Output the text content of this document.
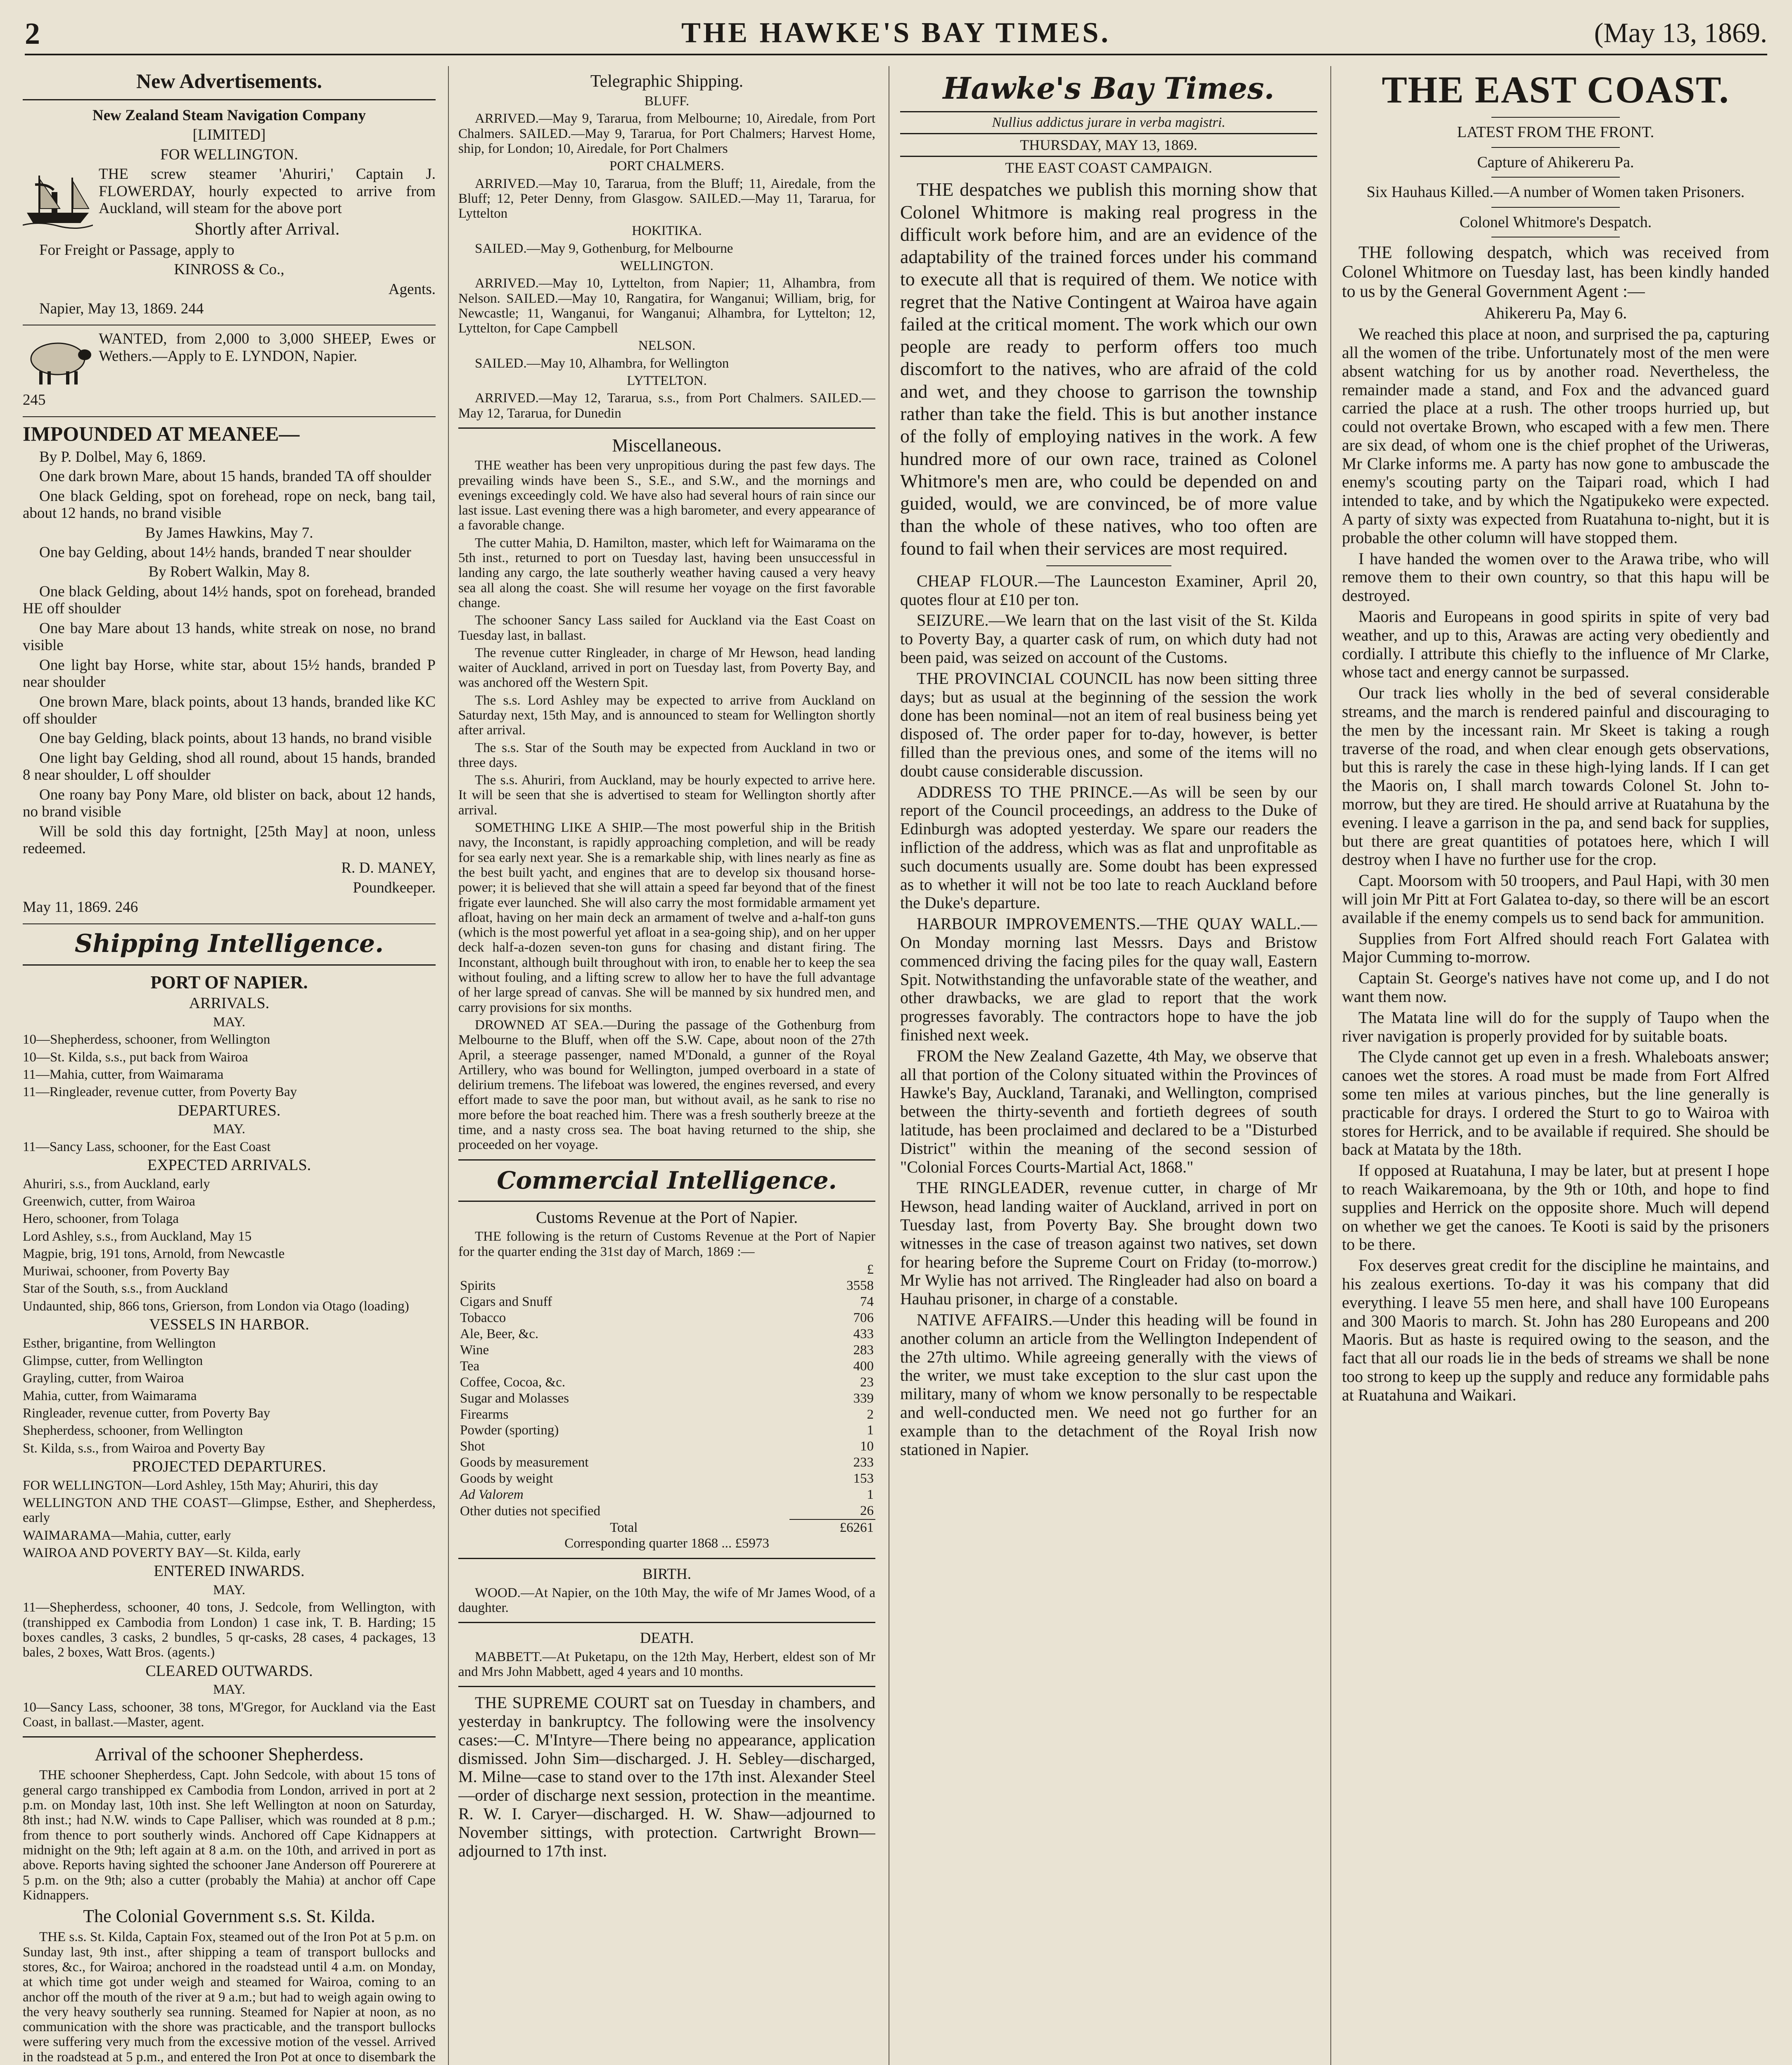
2	THE HAWKE'S BAY TIMES.	(May 13, 1869.
New Advertisements.

New Zealand Steam Navigation Company

[LIMITED]

FOR WELLINGTON.

THE screw steamer 'Ahuriri,' Captain J. FLOWERDAY, hourly expected to arrive from Auckland, will steam for the above port

Shortly after Arrival.

For Freight or Passage, apply to

KINROSS & Co.,

Agents.

Napier, May 13, 1869. 244

WANTED, from 2,000 to 3,000 SHEEP, Ewes or Wethers.—Apply to E. LYNDON, Napier.

245

IMPOUNDED AT MEANEE—

By P. Dolbel, May 6, 1869.

One dark brown Mare, about 15 hands, branded TA off shoulder

One black Gelding, spot on forehead, rope on neck, bang tail, about 12 hands, no brand visible

By James Hawkins, May 7.

One bay Gelding, about 14½ hands, branded T near shoulder

By Robert Walkin, May 8.

One black Gelding, about 14½ hands, spot on forehead, branded HE off shoulder

One bay Mare about 13 hands, white streak on nose, no brand visible

One light bay Horse, white star, about 15½ hands, branded P near shoulder

One brown Mare, black points, about 13 hands, branded like KC off shoulder

One bay Gelding, black points, about 13 hands, no brand visible

One light bay Gelding, shod all round, about 15 hands, branded 8 near shoulder, L off shoulder

One roany bay Pony Mare, old blister on back, about 12 hands, no brand visible

Will be sold this day fortnight, [25th May] at noon, unless redeemed.

R. D. MANEY,

Poundkeeper.

May 11, 1869. 246

Shipping Intelligence.
PORT OF NAPIER.

ARRIVALS.

MAY.

10—Shepherdess, schooner, from Wellington

10—St. Kilda, s.s., put back from Wairoa

11—Mahia, cutter, from Waimarama

11—Ringleader, revenue cutter, from Poverty Bay

DEPARTURES.

MAY.

11—Sancy Lass, schooner, for the East Coast

EXPECTED ARRIVALS.

Ahuriri, s.s., from Auckland, early

Greenwich, cutter, from Wairoa

Hero, schooner, from Tolaga

Lord Ashley, s.s., from Auckland, May 15

Magpie, brig, 191 tons, Arnold, from Newcastle

Muriwai, schooner, from Poverty Bay

Star of the South, s.s., from Auckland

Undaunted, ship, 866 tons, Grierson, from London via Otago (loading)

VESSELS IN HARBOR.

Esther, brigantine, from Wellington

Glimpse, cutter, from Wellington

Grayling, cutter, from Wairoa

Mahia, cutter, from Waimarama

Ringleader, revenue cutter, from Poverty Bay

Shepherdess, schooner, from Wellington

St. Kilda, s.s., from Wairoa and Poverty Bay

PROJECTED DEPARTURES.

FOR WELLINGTON—Lord Ashley, 15th May; Ahuriri, this day

WELLINGTON AND THE COAST—Glimpse, Esther, and Shepherdess, early

WAIMARAMA—Mahia, cutter, early

WAIROA AND POVERTY BAY—St. Kilda, early

ENTERED INWARDS.

MAY.

11—Shepherdess, schooner, 40 tons, J. Sedcole, from Wellington, with (transhipped ex Cambodia from London) 1 case ink, T. B. Harding; 15 boxes candles, 3 casks, 2 bundles, 5 qr-casks, 28 cases, 4 packages, 13 bales, 2 boxes, Watt Bros. (agents.)

CLEARED OUTWARDS.

MAY.

10—Sancy Lass, schooner, 38 tons, M'Gregor, for Auckland via the East Coast, in ballast.—Master, agent.

Arrival of the schooner Shepherdess.

THE schooner Shepherdess, Capt. John Sedcole, with about 15 tons of general cargo transhipped ex Cambodia from London, arrived in port at 2 p.m. on Monday last, 10th inst. She left Wellington at noon on Saturday, 8th inst.; had N.W. winds to Cape Palliser, which was rounded at 8 p.m.; from thence to port southerly winds. Anchored off Cape Kidnappers at midnight on the 9th; left again at 8 a.m. on the 10th, and arrived in port as above. Reports having sighted the schooner Jane Anderson off Pourerere at 5 p.m. on the 9th; also a cutter (probably the Mahia) at anchor off Cape Kidnappers.

The Colonial Government s.s. St. Kilda.

THE s.s. St. Kilda, Captain Fox, steamed out of the Iron Pot at 5 p.m. on Sunday last, 9th inst., after shipping a team of transport bullocks and stores, &c., for Wairoa; anchored in the roadstead until 4 a.m. on Monday, at which time got under weigh and steamed for Wairoa, coming to an anchor off the mouth of the river at 9 a.m.; but had to weigh again owing to the very heavy southerly sea running. Steamed for Napier at noon, as no communication with the shore was practicable, and the transport bullocks were suffering very much from the excessive motion of the vessel. Arrived in the roadstead at 5 p.m., and entered the Iron Pot at once to disembark the

Telegraphic Shipping.

BLUFF.

ARRIVED.—May 9, Tararua, from Melbourne; 10, Airedale, from Port Chalmers. SAILED.—May 9, Tararua, for Port Chalmers; Harvest Home, ship, for London; 10, Airedale, for Port Chalmers

PORT CHALMERS.

ARRIVED.—May 10, Tararua, from the Bluff; 11, Airedale, from the Bluff; 12, Peter Denny, from Glasgow. SAILED.—May 11, Tararua, for Lyttelton

HOKITIKA.

SAILED.—May 9, Gothenburg, for Melbourne

WELLINGTON.

ARRIVED.—May 10, Lyttelton, from Napier; 11, Alhambra, from Nelson. SAILED.—May 10, Rangatira, for Wanganui; William, brig, for Newcastle; 11, Wanganui, for Wanganui; Alhambra, for Lyttelton; 12, Lyttelton, for Cape Campbell

NELSON.

SAILED.—May 10, Alhambra, for Wellington

LYTTELTON.

ARRIVED.—May 12, Tararua, s.s., from Port Chalmers. SAILED.—May 12, Tararua, for Dunedin

Miscellaneous.

THE weather has been very unpropitious during the past few days. The prevailing winds have been S., S.E., and S.W., and the mornings and evenings exceedingly cold. We have also had several hours of rain since our last issue. Last evening there was a high barometer, and every appearance of a favorable change.

The cutter Mahia, D. Hamilton, master, which left for Waimarama on the 5th inst., returned to port on Tuesday last, having been unsuccessful in landing any cargo, the late southerly weather having caused a very heavy sea all along the coast. She will resume her voyage on the first favorable change.

The schooner Sancy Lass sailed for Auckland via the East Coast on Tuesday last, in ballast.

The revenue cutter Ringleader, in charge of Mr Hewson, head landing waiter of Auckland, arrived in port on Tuesday last, from Poverty Bay, and was anchored off the Western Spit.

The s.s. Lord Ashley may be expected to arrive from Auckland on Saturday next, 15th May, and is announced to steam for Wellington shortly after arrival.

The s.s. Star of the South may be expected from Auckland in two or three days.

The s.s. Ahuriri, from Auckland, may be hourly expected to arrive here. It will be seen that she is advertised to steam for Wellington shortly after arrival.

SOMETHING LIKE A SHIP.—The most powerful ship in the British navy, the Inconstant, is rapidly approaching completion, and will be ready for sea early next year. She is a remarkable ship, with lines nearly as fine as the best built yacht, and engines that are to develop six thousand horse-power; it is believed that she will attain a speed far beyond that of the finest frigate ever launched. She will also carry the most formidable armament yet afloat, having on her main deck an armament of twelve and a-half-ton guns (which is the most powerful yet afloat in a sea-going ship), and on her upper deck half-a-dozen seven-ton guns for chasing and distant firing. The Inconstant, although built throughout with iron, to enable her to keep the sea without fouling, and a lifting screw to allow her to have the full advantage of her large spread of canvas. She will be manned by six hundred men, and carry provisions for six months.

DROWNED AT SEA.—During the passage of the Gothenburg from Melbourne to the Bluff, when off the S.W. Cape, about noon of the 27th April, a steerage passenger, named M'Donald, a gunner of the Royal Artillery, who was bound for Wellington, jumped overboard in a state of delirium tremens. The lifeboat was lowered, the engines reversed, and every effort made to save the poor man, but without avail, as he sank to rise no more before the boat reached him. There was a fresh southerly breeze at the time, and a nasty cross sea. The boat having returned to the ship, she proceeded on her voyage.

Commercial Intelligence.

Customs Revenue at the Port of Napier.

THE following is the return of Customs Revenue at the Port of Napier for the quarter ending the 31st day of March, 1869 :—

	£
Spirits	3558
Cigars and Snuff	74
Tobacco	706
Ale, Beer, &c.	433
Wine	283
Tea	400
Coffee, Cocoa, &c.	23
Sugar and Molasses	339
Firearms	2
Powder (sporting)	1
Shot	10
Goods by measurement	233
Goods by weight	153
Ad Valorem	1
Other duties not specified	26
Total	£6261

Corresponding quarter 1868 ... £5973

BIRTH.

WOOD.—At Napier, on the 10th May, the wife of Mr James Wood, of a daughter.

DEATH.

MABBETT.—At Puketapu, on the 12th May, Herbert, eldest son of Mr and Mrs John Mabbett, aged 4 years and 10 months.

THE SUPREME COURT sat on Tuesday in chambers, and yesterday in bankruptcy. The following were the insolvency cases:—C. M'Intyre—There being no appearance, application dismissed. John Sim—discharged. J. H. Sebley—discharged, M. Milne—case to stand over to the 17th inst. Alexander Steel—order of discharge next session, protection in the meantime. R. W. I. Caryer—discharged. H. W. Shaw—adjourned to November sittings, with protection. Cartwright Brown—adjourned to 17th inst.

Hawke's Bay Times.

Nullius addictus jurare in verba magistri.

THURSDAY, MAY 13, 1869.

THE EAST COAST CAMPAIGN.

THE despatches we publish this morning show that Colonel Whitmore is making real progress in the difficult work before him, and are an evidence of the adaptability of the trained forces under his command to execute all that is required of them. We notice with regret that the Native Contingent at Wairoa have again failed at the critical moment. The work which our own people are ready to perform offers too much discomfort to the natives, who are afraid of the cold and wet, and they choose to garrison the township rather than take the field. This is but another instance of the folly of employing natives in the work. A few hundred more of our own race, trained as Colonel Whitmore's men are, who could be depended on and guided, would, we are convinced, be of more value than the whole of these natives, who too often are found to fail when their services are most required.

CHEAP FLOUR.—The Launceston Examiner, April 20, quotes flour at £10 per ton.

SEIZURE.—We learn that on the last visit of the St. Kilda to Poverty Bay, a quarter cask of rum, on which duty had not been paid, was seized on account of the Customs.

THE PROVINCIAL COUNCIL has now been sitting three days; but as usual at the beginning of the session the work done has been nominal—not an item of real business being yet disposed of. The order paper for to-day, however, is better filled than the previous ones, and some of the items will no doubt cause considerable discussion.

ADDRESS TO THE PRINCE.—As will be seen by our report of the Council proceedings, an address to the Duke of Edinburgh was adopted yesterday. We spare our readers the infliction of the address, which was as flat and unprofitable as such documents usually are. Some doubt has been expressed as to whether it will not be too late to reach Auckland before the Duke's departure.

HARBOUR IMPROVEMENTS.—THE QUAY WALL.—On Monday morning last Messrs. Days and Bristow commenced driving the facing piles for the quay wall, Eastern Spit. Notwithstanding the unfavorable state of the weather, and other drawbacks, we are glad to report that the work progresses favorably. The contractors hope to have the job finished next week.

FROM the New Zealand Gazette, 4th May, we observe that all that portion of the Colony situated within the Provinces of Hawke's Bay, Auckland, Taranaki, and Wellington, comprised between the thirty-seventh and fortieth degrees of south latitude, has been proclaimed and declared to be a "Disturbed District" within the meaning of the second session of "Colonial Forces Courts-Martial Act, 1868."

THE RINGLEADER, revenue cutter, in charge of Mr Hewson, head landing waiter of Auckland, arrived in port on Tuesday last, from Poverty Bay. She brought down two witnesses in the case of treason against two natives, set down for hearing before the Supreme Court on Friday (to-morrow.) Mr Wylie has not arrived. The Ringleader had also on board a Hauhau prisoner, in charge of a constable.

NATIVE AFFAIRS.—Under this heading will be found in another column an article from the Wellington Independent of the 27th ultimo. While agreeing generally with the views of the writer, we must take exception to the slur cast upon the military, many of whom we know personally to be respectable and well-conducted men. We need not go further for an example than to the detachment of the Royal Irish now stationed in Napier.

THE EAST COAST.

LATEST FROM THE FRONT.

Capture of Ahikereru Pa.

Six Hauhaus Killed.—A number of Women taken Prisoners.

Colonel Whitmore's Despatch.

THE following despatch, which was received from Colonel Whitmore on Tuesday last, has been kindly handed to us by the General Government Agent :—

Ahikereru Pa, May 6.

We reached this place at noon, and surprised the pa, capturing all the women of the tribe. Unfortunately most of the men were absent watching for us by another road. Nevertheless, the remainder made a stand, and Fox and the advanced guard carried the place at a rush. The other troops hurried up, but could not overtake Brown, who escaped with a few men. There are six dead, of whom one is the chief prophet of the Uriweras, Mr Clarke informs me. A party has now gone to ambuscade the enemy's scouting party on the Taipari road, which I had intended to take, and by which the Ngatipukeko were expected. A party of sixty was expected from Ruatahuna to-night, but it is probable the other column will have stopped them.

I have handed the women over to the Arawa tribe, who will remove them to their own country, so that this hapu will be destroyed.

Maoris and Europeans in good spirits in spite of very bad weather, and up to this, Arawas are acting very obediently and cordially. I attribute this chiefly to the influence of Mr Clarke, whose tact and energy cannot be surpassed.

Our track lies wholly in the bed of several considerable streams, and the march is rendered painful and discouraging to the men by the incessant rain. Mr Skeet is taking a rough traverse of the road, and when clear enough gets observations, but this is rarely the case in these high-lying lands. If I can get the Maoris on, I shall march towards Colonel St. John to-morrow, but they are tired. He should arrive at Ruatahuna by the evening. I leave a garrison in the pa, and send back for supplies, but there are great quantities of potatoes here, which I will destroy when I have no further use for the crop.

Capt. Moorsom with 50 troopers, and Paul Hapi, with 30 men will join Mr Pitt at Fort Galatea to-day, so there will be an escort available if the enemy compels us to send back for ammunition.

Supplies from Fort Alfred should reach Fort Galatea with Major Cumming to-morrow.

Captain St. George's natives have not come up, and I do not want them now.

The Matata line will do for the supply of Taupo when the river navigation is properly provided for by suitable boats.

The Clyde cannot get up even in a fresh. Whaleboats answer; canoes wet the stores. A road must be made from Fort Alfred some ten miles at various pinches, but the line generally is practicable for drays. I ordered the Sturt to go to Wairoa with stores for Herrick, and to be available if required. She should be back at Matata by the 18th.

If opposed at Ruatahuna, I may be later, but at present I hope to reach Waikaremoana, by the 9th or 10th, and hope to find supplies and Herrick on the opposite shore. Much will depend on whether we get the canoes. Te Kooti is said by the prisoners to be there.

Fox deserves great credit for the discipline he maintains, and his zealous exertions. To-day it was his company that did everything. I leave 55 men here, and shall have 100 Europeans and 300 Maoris to march. St. John has 280 Europeans and 200 Maoris. But as haste is required owing to the season, and the fact that all our roads lie in the beds of streams we shall be none too strong to keep up the supply and reduce any formidable pahs at Ruatahuna and Waikari.
